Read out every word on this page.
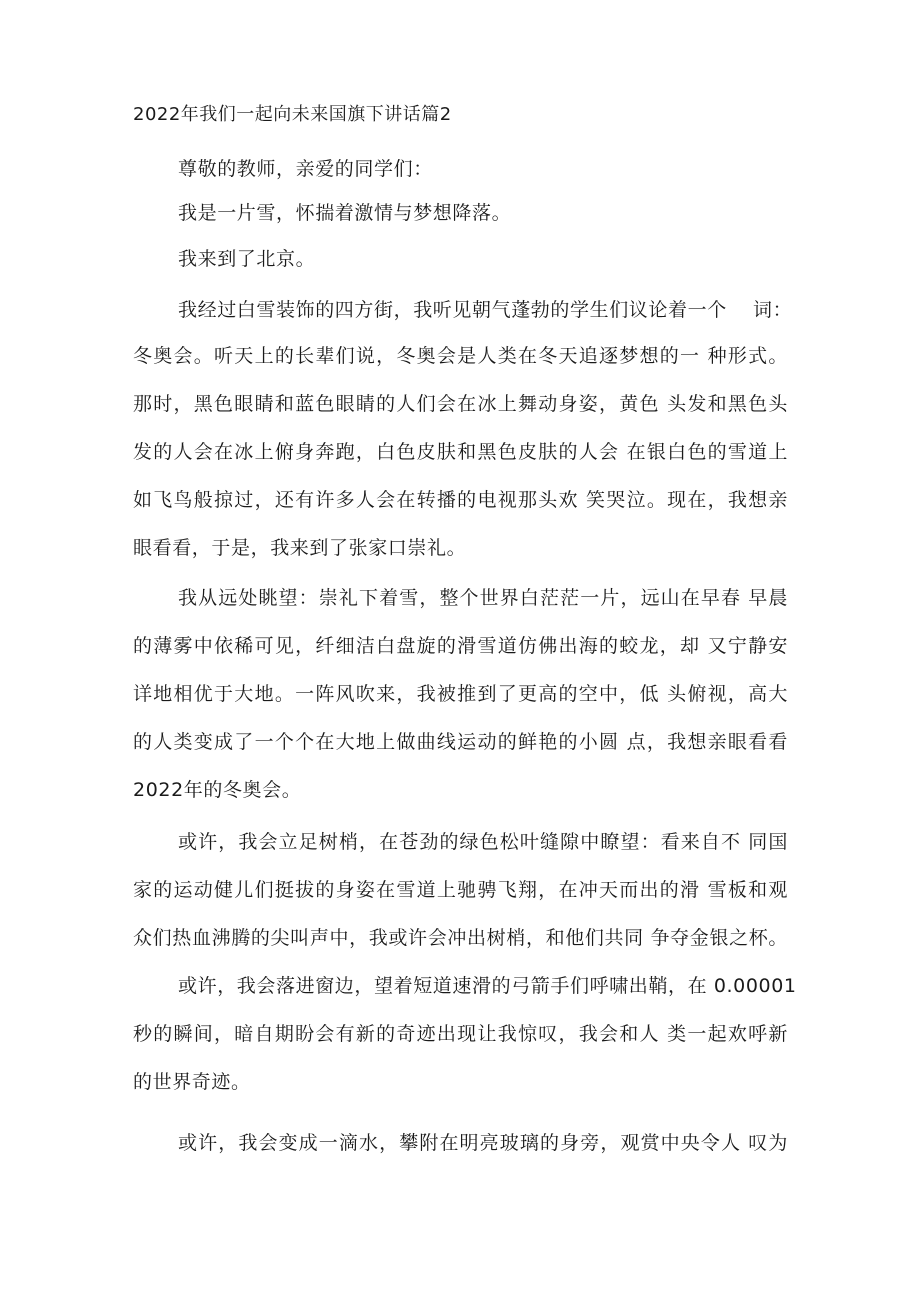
2022年我们一起向未来国旗下讲话篇2
尊敬的教师，亲爱的同学们：
我是一片雪，怀揣着激情与梦想降落。
我来到了北京。
我经过白雪装饰的四方街，我听见朝气蓬勃的学生们议论着一个　 词：
冬奥会。听天上的长辈们说，冬奥会是人类在冬天追逐梦想的一 种形式。
那时，黑色眼睛和蓝色眼睛的人们会在冰上舞动身姿，黄色 头发和黑色头
发的人会在冰上俯身奔跑，白色皮肤和黑色皮肤的人会 在银白色的雪道上
如飞鸟般掠过，还有许多人会在转播的电视那头欢 笑哭泣。现在，我想亲
眼看看，于是，我来到了张家口崇礼。
我从远处眺望：崇礼下着雪，整个世界白茫茫一片，远山在早春 早晨
的薄雾中依稀可见，纤细洁白盘旋的滑雪道仿佛出海的蛟龙，却 又宁静安
详地相优于大地。一阵风吹来，我被推到了更高的空中，低 头俯视，高大
的人类变成了一个个在大地上做曲线运动的鲜艳的小圆 点，我想亲眼看看
2022年的冬奥会。
或许，我会立足树梢，在苍劲的绿色松叶缝隙中瞭望：看来自不 同国
家的运动健儿们挺拔的身姿在雪道上驰骋飞翔，在冲天而出的滑 雪板和观
众们热血沸腾的尖叫声中，我或许会冲出树梢，和他们共同 争夺金银之杯。
或许，我会落进窗边，望着短道速滑的弓箭手们呼啸出鞘，在 0.00001
秒的瞬间，暗自期盼会有新的奇迹出现让我惊叹，我会和人 类一起欢呼新
的世界奇迹。
或许，我会变成一滴水，攀附在明亮玻璃的身旁，观赏中央令人 叹为
